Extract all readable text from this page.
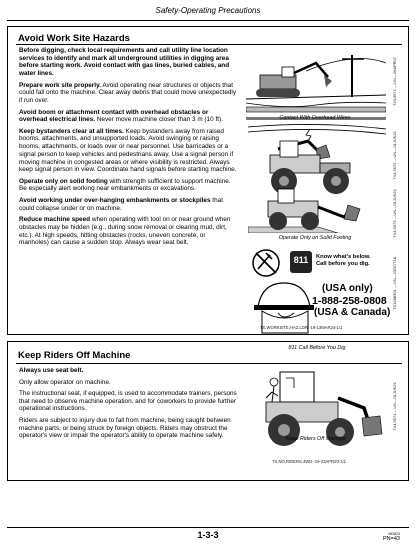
Safety-Operating Precautions
Avoid Work Site Hazards
Before digging, check local requirements and call utility line location services to identify and mark all underground utilities in digging area before starting work. Avoid contact with gas lines, buried cables, and water lines.
Prepare work site properly. Avoid operating near structures or objects that could fall onto the machine. Clear away debris that could move unexpectedly if run over.
Avoid boom or attachment contact with overhead obstacles or overhead electrical lines. Never move machine closer than 3 m (10 ft).
Keep bystanders clear at all times. Keep bystanders away from raised booms, attachments, and unsupported loads. Avoid swinging or raising booms, attachments, or loads over or near personnel. Use barricades or a signal person to keep vehicles and pedestrians away. Use a signal person if moving machine in congested areas or where visibility is restricted. Always keep signal person in view. Coordinate hand signals before starting machine.
Operate only on solid footing with strength sufficient to support machine. Be especially alert working near embankments or excavations.
Avoid working under over-hanging embankments or stockpiles that could collapse under or on machine.
Reduce machine speed when operating with tool on or near ground when obstacles may be hidden (e.g., during snow removal or clearing mud, dirt, etc.). At high speeds, hitting obstacles (rocks, uneven concrete, or manholes) can cause a sudden stop. Always wear seat belt.
T#4,9571 —UN—26APR07
Contact With Overhead Wires
T#4,9572 —UN—01JUN21
Operate Only on Solid Footing
T#4,9573 —UN—01JUN21
811	Know what's below.
Call before you dig.
(USA only)
1-888-258-0808
(USA & Canada)
811 Call Before You Dig
TX1288301 —UN—23OCT18
TX,WORKSITE,HAZ,LDR -19-13MAR24-1/1
Keep Riders Off Machine
Always use seat belt.
Only allow operator on machine.
The instructional seat, if equipped, is used to accommodate trainers, persons that need to observe machine operation, and for coworkers to provide further operational instructions.
Riders are subject to injury due to fall from machine, being caught between machine parts, or being struck by foreign objects. Riders may obstruct the operator's view or impair the operator's ability to operate machine safely.	Keep Riders Off Machine
T#4,9571 —UN—01JUN21
TX,NO,RIDERS,4WD -19-23APR20-1/1
1-3-3	062823
PN=43
